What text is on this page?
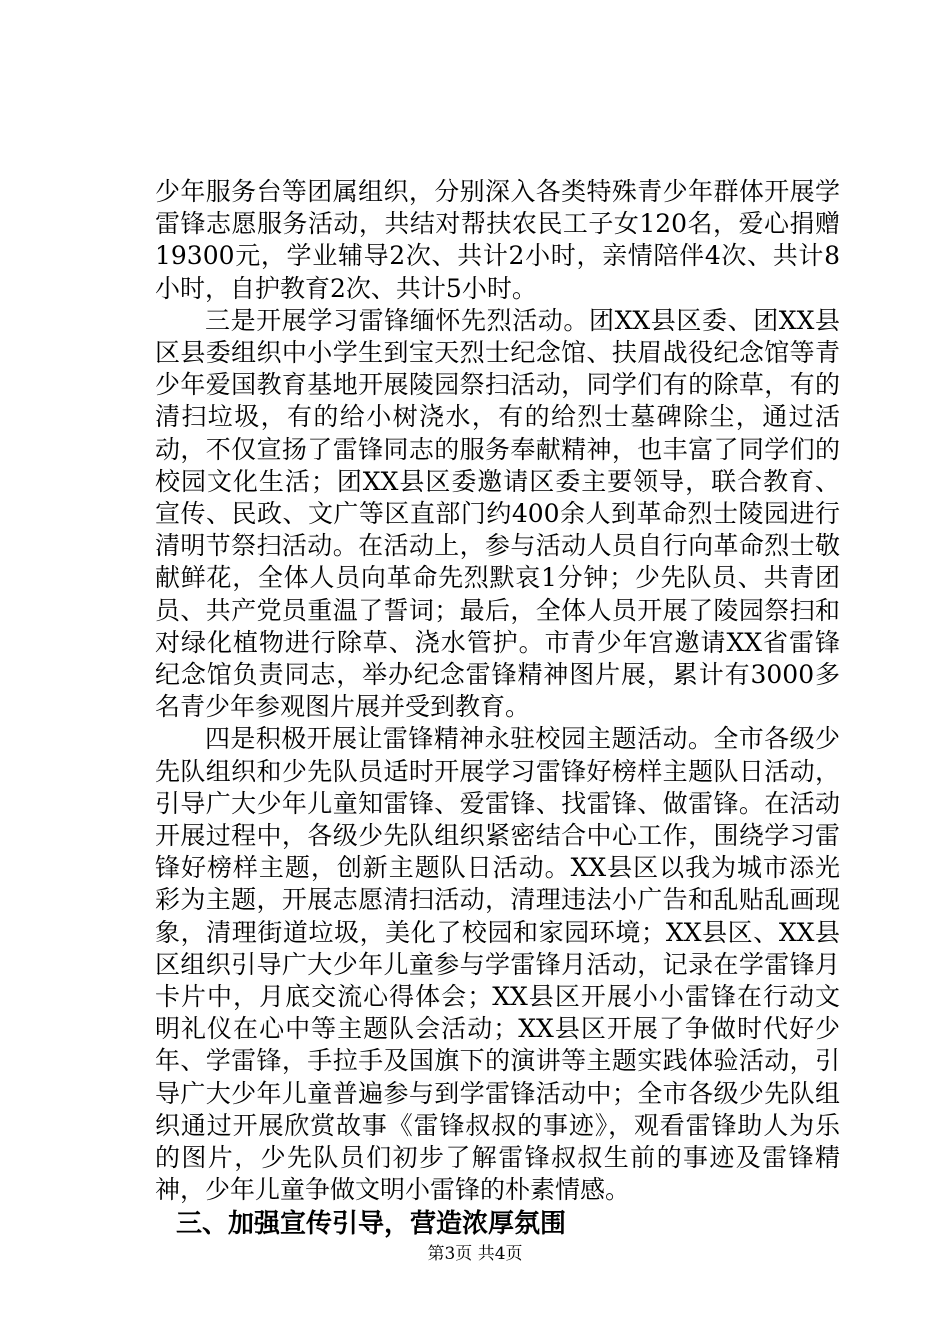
少年服务台等团属组织，分别深入各类特殊青少年群体开展学雷锋志愿服务活动，共结对帮扶农民工子女120名，爱心捐赠19300元，学业辅导2次、共计2小时，亲情陪伴4次、共计8小时，自护教育2次、共计5小时。

三是开展学习雷锋缅怀先烈活动。团XX县区委、团XX县区县委组织中小学生到宝天烈士纪念馆、扶眉战役纪念馆等青少年爱国教育基地开展陵园祭扫活动，同学们有的除草，有的清扫垃圾，有的给小树浇水，有的给烈士墓碑除尘，通过活动，不仅宣扬了雷锋同志的服务奉献精神，也丰富了同学们的校园文化生活；团XX县区委邀请区委主要领导，联合教育、宣传、民政、文广等区直部门约400余人到革命烈士陵园进行清明节祭扫活动。在活动上，参与活动人员自行向革命烈士敬献鲜花，全体人员向革命先烈默哀1分钟；少先队员、共青团员、共产党员重温了誓词；最后，全体人员开展了陵园祭扫和对绿化植物进行除草、浇水管护。市青少年宫邀请XX省雷锋纪念馆负责同志，举办纪念雷锋精神图片展，累计有3000多名青少年参观图片展并受到教育。

四是积极开展让雷锋精神永驻校园主题活动。全市各级少先队组织和少先队员适时开展学习雷锋好榜样主题队日活动，引导广大少年儿童知雷锋、爱雷锋、找雷锋、做雷锋。在活动开展过程中，各级少先队组织紧密结合中心工作，围绕学习雷锋好榜样主题，创新主题队日活动。XX县区以我为城市添光彩为主题，开展志愿清扫活动，清理违法小广告和乱贴乱画现象，清理街道垃圾，美化了校园和家园环境；XX县区、XX县区组织引导广大少年儿童参与学雷锋月活动，记录在学雷锋月卡片中，月底交流心得体会；XX县区开展小小雷锋在行动文明礼仪在心中等主题队会活动；XX县区开展了争做时代好少年、学雷锋，手拉手及国旗下的演讲等主题实践体验活动，引导广大少年儿童普遍参与到学雷锋活动中；全市各级少先队组织通过开展欣赏故事《雷锋叔叔的事迹》，观看雷锋助人为乐的图片，少先队员们初步了解雷锋叔叔生前的事迹及雷锋精神，少年儿童争做文明小雷锋的朴素情感。

三、加强宣传引导，营造浓厚氛围
第3页 共4页
